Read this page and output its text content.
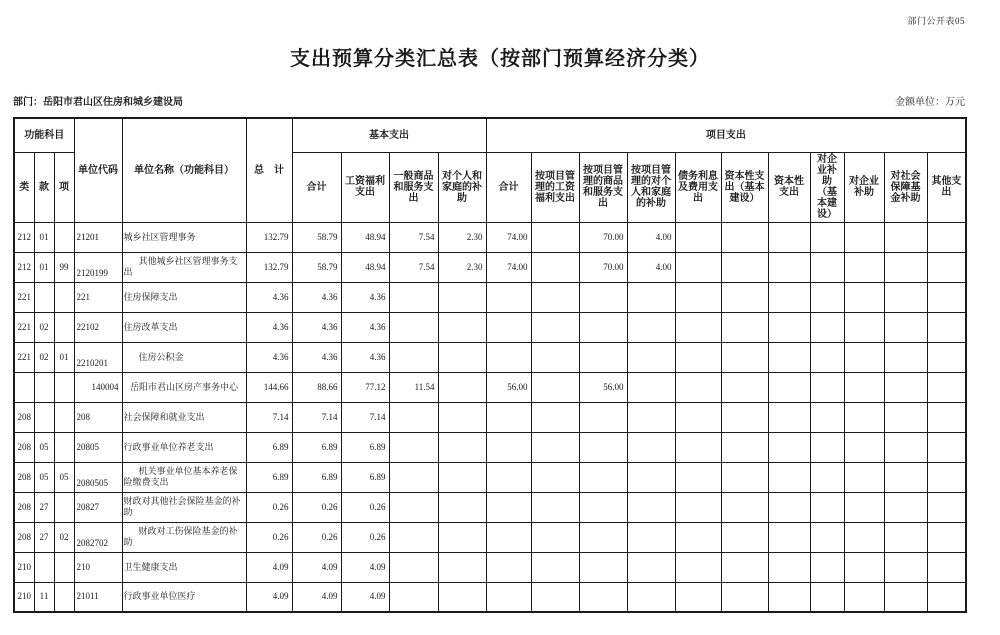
部门公开表05
支出预算分类汇总表（按部门预算经济分类）
部门：岳阳市君山区住房和城乡建设局	金额单位：万元
功能科目			单位代码	单位名称（功能科目）	总　计	基本支出				项目支出										
类	款	项				合计	工资福利支出	一般商品和服务支出	对个人和家庭的补助	合计	按项目管理的工资福利支出	按项目管理的商品和服务支出	按项目管理的对个人和家庭的补助	债务利息及费用支出	资本性支出（基本建设）	资本性支出	对企业补助（基本建设）	对企业补助	对社会保障基金补助	其他支出
212	01		21201	城乡社区管理事务	132.79	58.79	48.94	7.54	2.30	74.00		70.00	4.00							
212	01	99	2120199	其他城乡社区管理事务支出	132.79	58.79	48.94	7.54	2.30	74.00		70.00	4.00							
221			221	住房保障支出	4.36	4.36	4.36													
221	02		22102	住房改革支出	4.36	4.36	4.36													
221	02	01	2210201	住房公积金	4.36	4.36	4.36													
			140004	岳阳市君山区房产事务中心	144.66	88.66	77.12	11.54		56.00		56.00								
208			208	社会保障和就业支出	7.14	7.14	7.14													
208	05		20805	行政事业单位养老支出	6.89	6.89	6.89													
208	05	05	2080505	机关事业单位基本养老保险缴费支出	6.89	6.89	6.89													
208	27		20827	财政对其他社会保险基金的补助	0.26	0.26	0.26													
208	27	02	2082702	财政对工伤保险基金的补助	0.26	0.26	0.26													
210			210	卫生健康支出	4.09	4.09	4.09													
210	11		21011	行政事业单位医疗	4.09	4.09	4.09													
